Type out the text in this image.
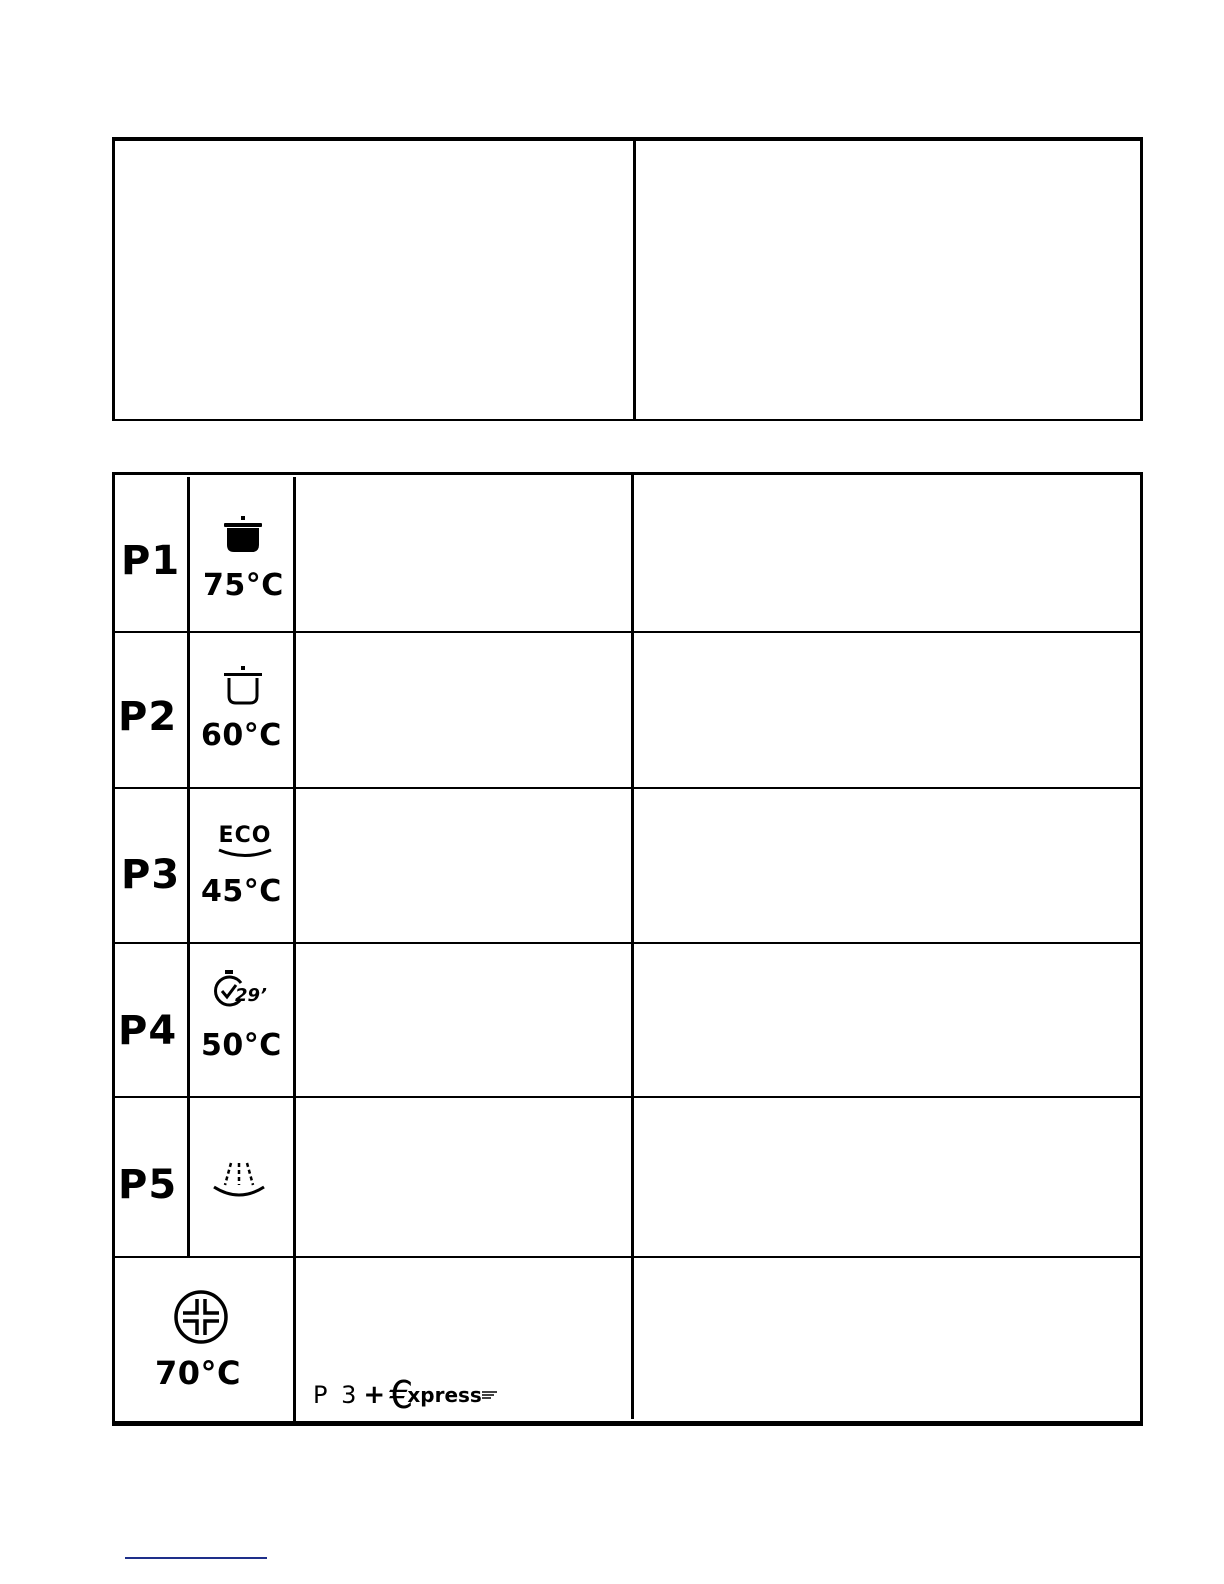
P1
75°C
P2 60°C
P3
ECO
45°C
P4
29’
50°C
P5
70°C
P 3 + €
xpress
